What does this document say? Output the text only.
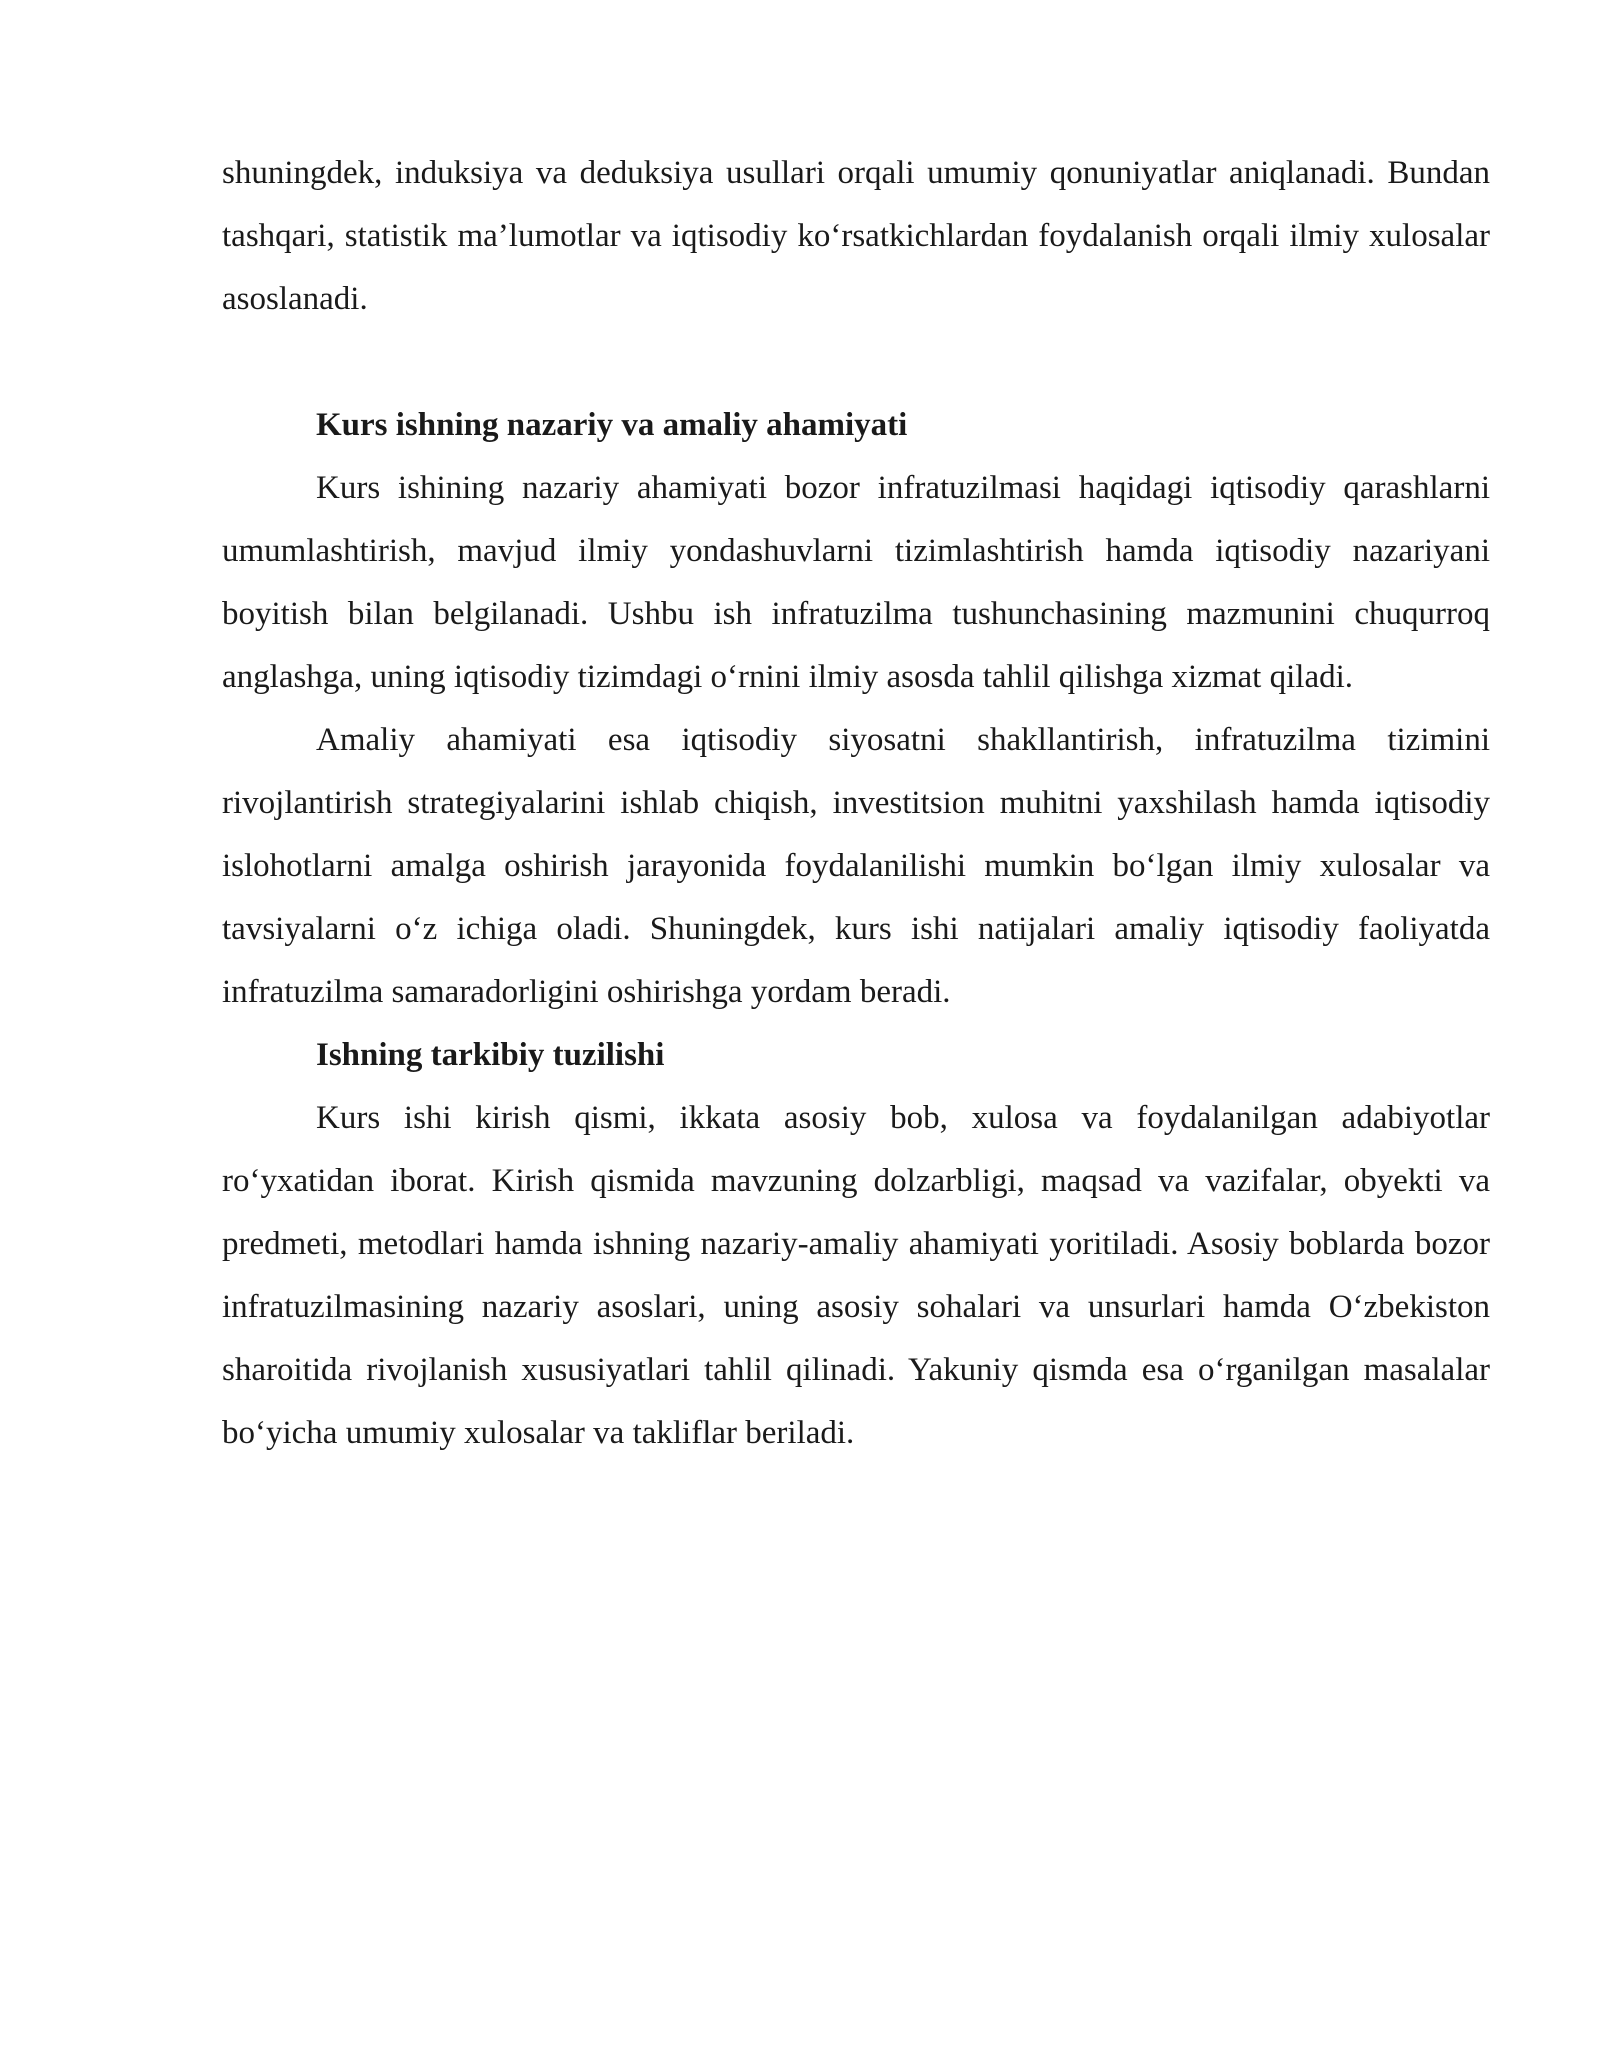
shuningdek, induksiya va deduksiya usullari orqali umumiy qonuniyatlar aniqlanadi. Bundan tashqari, statistik ma’lumotlar va iqtisodiy ko‘rsatkichlardan foydalanish orqali ilmiy xulosalar asoslanadi.

Kurs ishning nazariy va amaliy ahamiyati

Kurs ishining nazariy ahamiyati bozor infratuzilmasi haqidagi iqtisodiy qarashlarni umumlashtirish, mavjud ilmiy yondashuvlarni tizimlashtirish hamda iqtisodiy nazariyani boyitish bilan belgilanadi. Ushbu ish infratuzilma tushunchasining mazmunini chuqurroq anglashga, uning iqtisodiy tizimdagi o‘rnini ilmiy asosda tahlil qilishga xizmat qiladi.

Amaliy ahamiyati esa iqtisodiy siyosatni shakllantirish, infratuzilma tizimini rivojlantirish strategiyalarini ishlab chiqish, investitsion muhitni yaxshilash hamda iqtisodiy islohotlarni amalga oshirish jarayonida foydalanilishi mumkin bo‘lgan ilmiy xulosalar va tavsiyalarni o‘z ichiga oladi. Shuningdek, kurs ishi natijalari amaliy iqtisodiy faoliyatda infratuzilma samaradorligini oshirishga yordam beradi.

Ishning tarkibiy tuzilishi

Kurs ishi kirish qismi, ikkata asosiy bob, xulosa va foydalanilgan adabiyotlar ro‘yxatidan iborat. Kirish qismida mavzuning dolzarbligi, maqsad va vazifalar, obyekti va predmeti, metodlari hamda ishning nazariy-amaliy ahamiyati yoritiladi. Asosiy boblarda bozor infratuzilmasining nazariy asoslari, uning asosiy sohalari va unsurlari hamda O‘zbekiston sharoitida rivojlanish xususiyatlari tahlil qilinadi. Yakuniy qismda esa o‘rganilgan masalalar bo‘yicha umumiy xulosalar va takliflar beriladi.
